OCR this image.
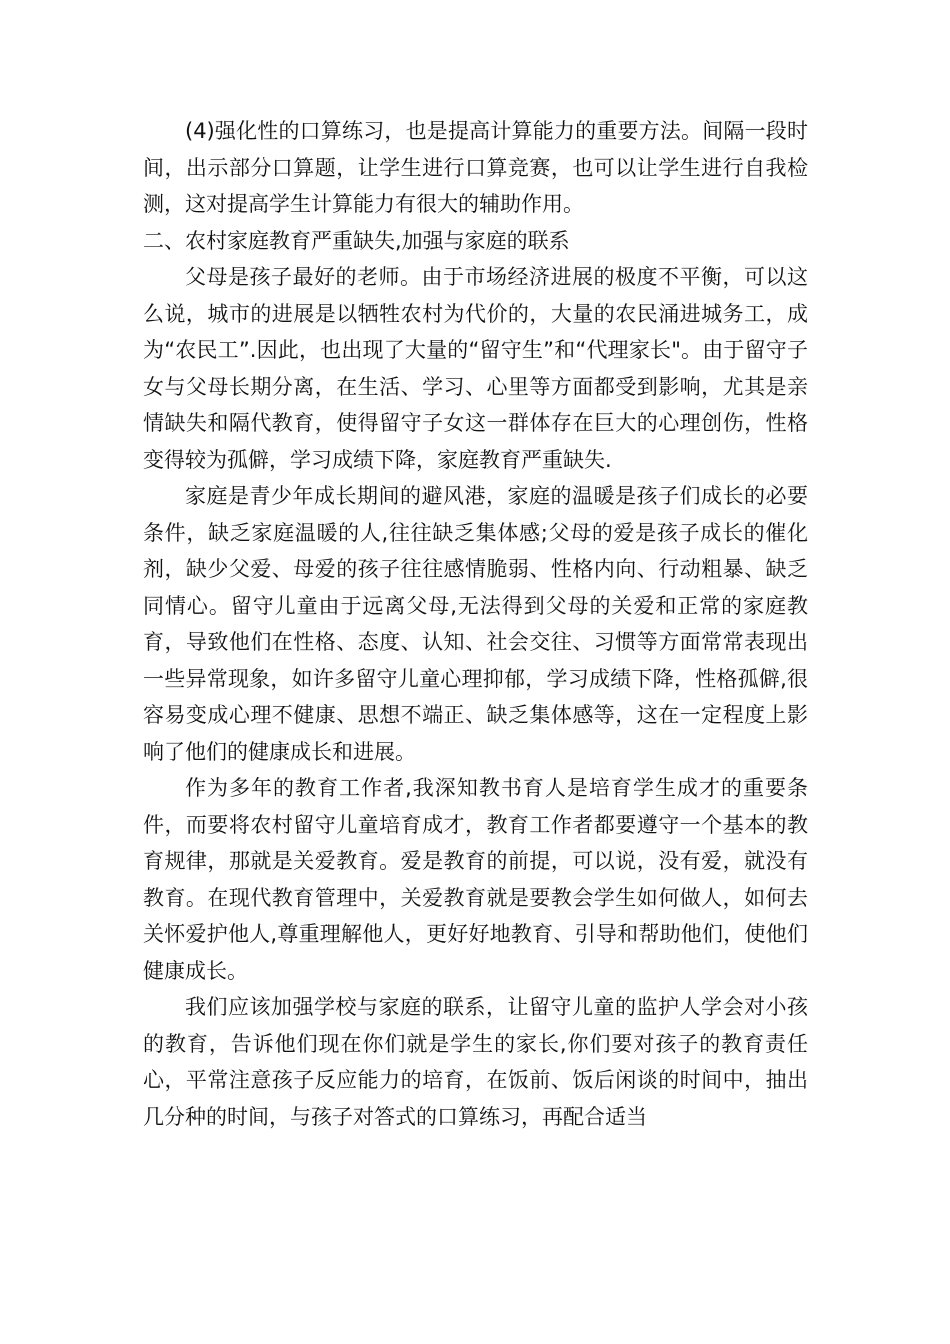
(4)强化性的口算练习，也是提高计算能力的重要方法。间隔一段时间，出示部分口算题，让学生进行口算竞赛，也可以让学生进行自我检测，这对提高学生计算能力有很大的辅助作用。

二、农村家庭教育严重缺失,加强与家庭的联系

父母是孩子最好的老师。由于市场经济进展的极度不平衡，可以这么说，城市的进展是以牺牲农村为代价的，大量的农民涌进城务工，成为“农民工”.因此，也出现了大量的“留守生”和“代理家长"。由于留守子女与父母长期分离，在生活、学习、心里等方面都受到影响，尤其是亲情缺失和隔代教育，使得留守子女这一群体存在巨大的心理创伤，性格变得较为孤僻，学习成绩下降，家庭教育严重缺失.

家庭是青少年成长期间的避风港，家庭的温暖是孩子们成长的必要条件，缺乏家庭温暖的人,往往缺乏集体感;父母的爱是孩子成长的催化剂，缺少父爱、母爱的孩子往往感情脆弱、性格内向、行动粗暴、缺乏同情心。留守儿童由于远离父母,无法得到父母的关爱和正常的家庭教育，导致他们在性格、态度、认知、社会交往、习惯等方面常常表现出一些异常现象，如许多留守儿童心理抑郁，学习成绩下降，性格孤僻,很容易变成心理不健康、思想不端正、缺乏集体感等，这在一定程度上影响了他们的健康成长和进展。

作为多年的教育工作者,我深知教书育人是培育学生成才的重要条件，而要将农村留守儿童培育成才，教育工作者都要遵守一个基本的教育规律，那就是关爱教育。爱是教育的前提，可以说，没有爱，就没有教育。在现代教育管理中，关爱教育就是要教会学生如何做人，如何去关怀爱护他人,尊重理解他人，更好好地教育、引导和帮助他们，使他们健康成长。

我们应该加强学校与家庭的联系，让留守儿童的监护人学会对小孩的教育，告诉他们现在你们就是学生的家长,你们要对孩子的教育责任心，平常注意孩子反应能力的培育，在饭前、饭后闲谈的时间中，抽出几分种的时间，与孩子对答式的口算练习，再配合适当
